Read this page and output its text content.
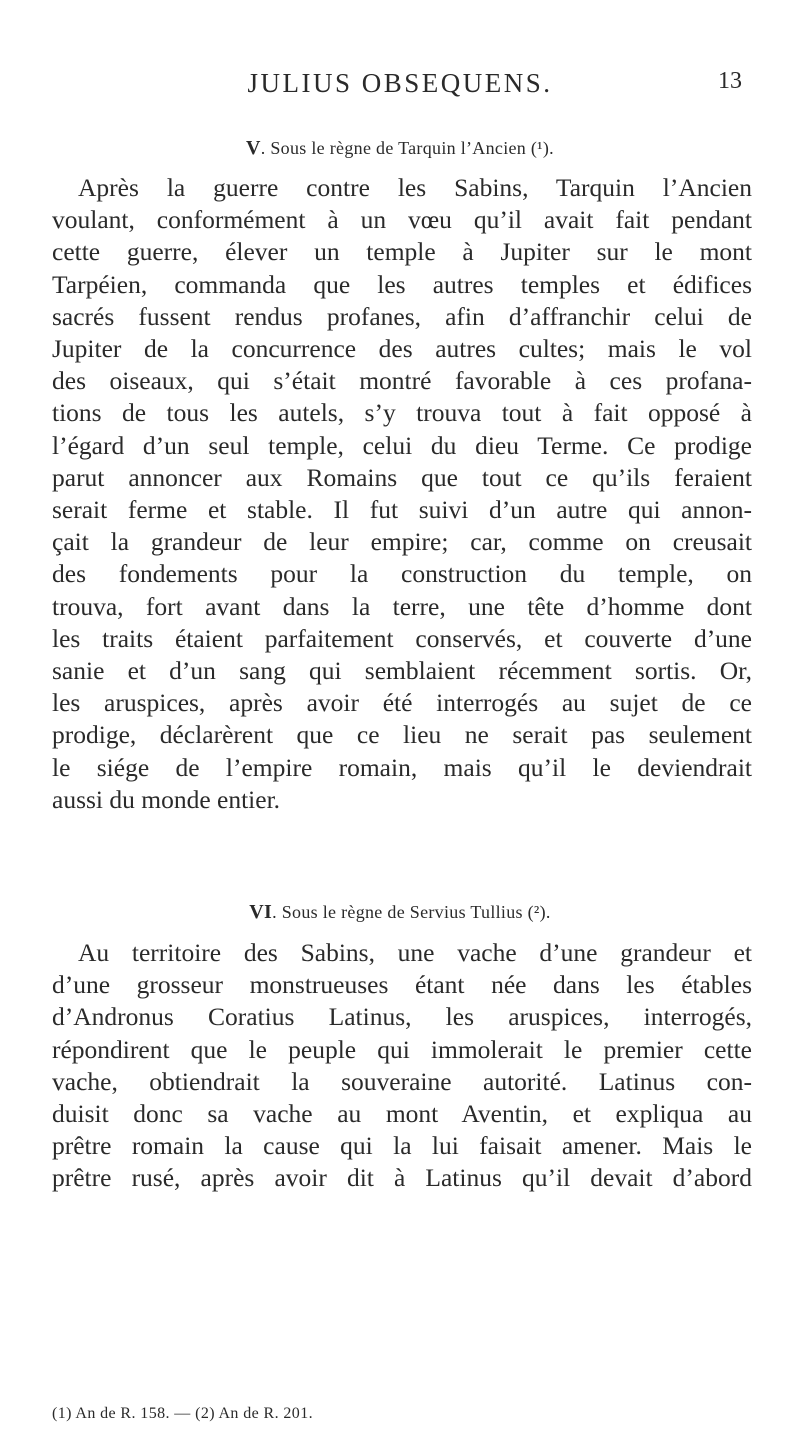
JULIUS OBSEQUENS.	13
V. Sous le règne de Tarquin l’Ancien (¹).
Après la guerre contre les Sabins, Tarquin l’Ancien
voulant, conformément à un vœu qu’il avait fait pendant
cette guerre, élever un temple à Jupiter sur le mont
Tarpéien, commanda que les autres temples et édifices
sacrés fussent rendus profanes, afin d’affranchir celui de
Jupiter de la concurrence des autres cultes; mais le vol
des oiseaux, qui s’était montré favorable à ces profana-
tions de tous les autels, s’y trouva tout à fait opposé à
l’égard d’un seul temple, celui du dieu Terme. Ce prodige
parut annoncer aux Romains que tout ce qu’ils feraient
serait ferme et stable. Il fut suivi d’un autre qui annon-
çait la grandeur de leur empire; car, comme on creusait
des fondements pour la construction du temple, on
trouva, fort avant dans la terre, une tête d’homme dont
les traits étaient parfaitement conservés, et couverte d’une
sanie et d’un sang qui semblaient récemment sortis. Or,
les aruspices, après avoir été interrogés au sujet de ce
prodige, déclarèrent que ce lieu ne serait pas seulement
le siége de l’empire romain, mais qu’il le deviendrait
aussi du monde entier.
VI. Sous le règne de Servius Tullius (²).
Au territoire des Sabins, une vache d’une grandeur et
d’une grosseur monstrueuses étant née dans les étables
d’Andronus Coratius Latinus, les aruspices, interrogés,
répondirent que le peuple qui immolerait le premier cette
vache, obtiendrait la souveraine autorité. Latinus con-
duisit donc sa vache au mont Aventin, et expliqua au
prêtre romain la cause qui la lui faisait amener. Mais le
prêtre rusé, après avoir dit à Latinus qu’il devait d’abord
(1) An de R. 158. — (2) An de R. 201.
